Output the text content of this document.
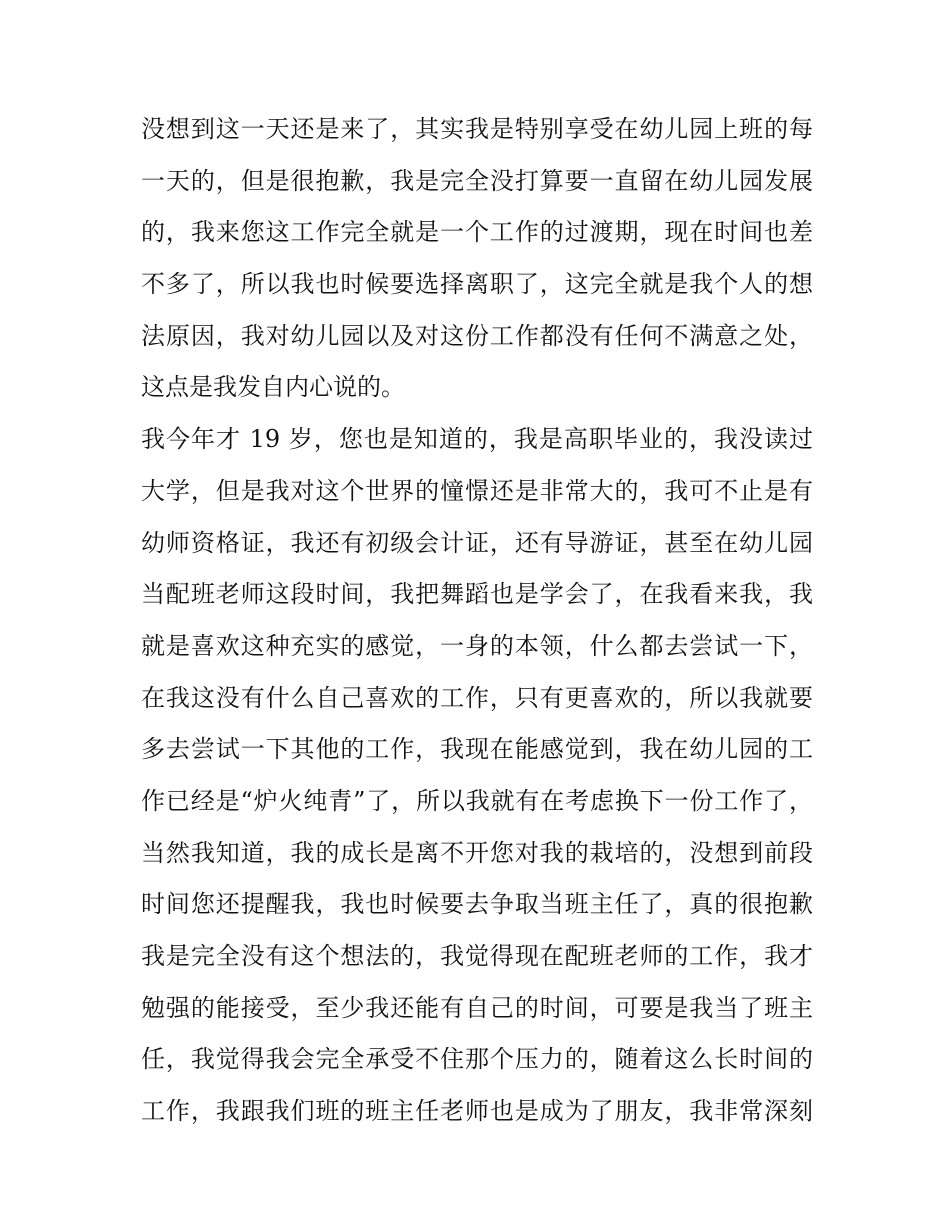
没想到这一天还是来了，其实我是特别享受在幼儿园上班的每
一天的，但是很抱歉，我是完全没打算要一直留在幼儿园发展
的，我来您这工作完全就是一个工作的过渡期，现在时间也差
不多了，所以我也时候要选择离职了，这完全就是我个人的想
法原因，我对幼儿园以及对这份工作都没有任何不满意之处，
这点是我发自内心说的。
我今年才 19 岁，您也是知道的，我是高职毕业的，我没读过
大学，但是我对这个世界的憧憬还是非常大的，我可不止是有
幼师资格证，我还有初级会计证，还有导游证，甚至在幼儿园
当配班老师这段时间，我把舞蹈也是学会了，在我看来我，我
就是喜欢这种充实的感觉，一身的本领，什么都去尝试一下，
在我这没有什么自己喜欢的工作，只有更喜欢的，所以我就要
多去尝试一下其他的工作，我现在能感觉到，我在幼儿园的工
作已经是“炉火纯青”了，所以我就有在考虑换下一份工作了，
当然我知道，我的成长是离不开您对我的栽培的，没想到前段
时间您还提醒我，我也时候要去争取当班主任了，真的很抱歉
我是完全没有这个想法的，我觉得现在配班老师的工作，我才
勉强的能接受，至少我还能有自己的时间，可要是我当了班主
任，我觉得我会完全承受不住那个压力的，随着这么长时间的
工作，我跟我们班的班主任老师也是成为了朋友，我非常深刻
